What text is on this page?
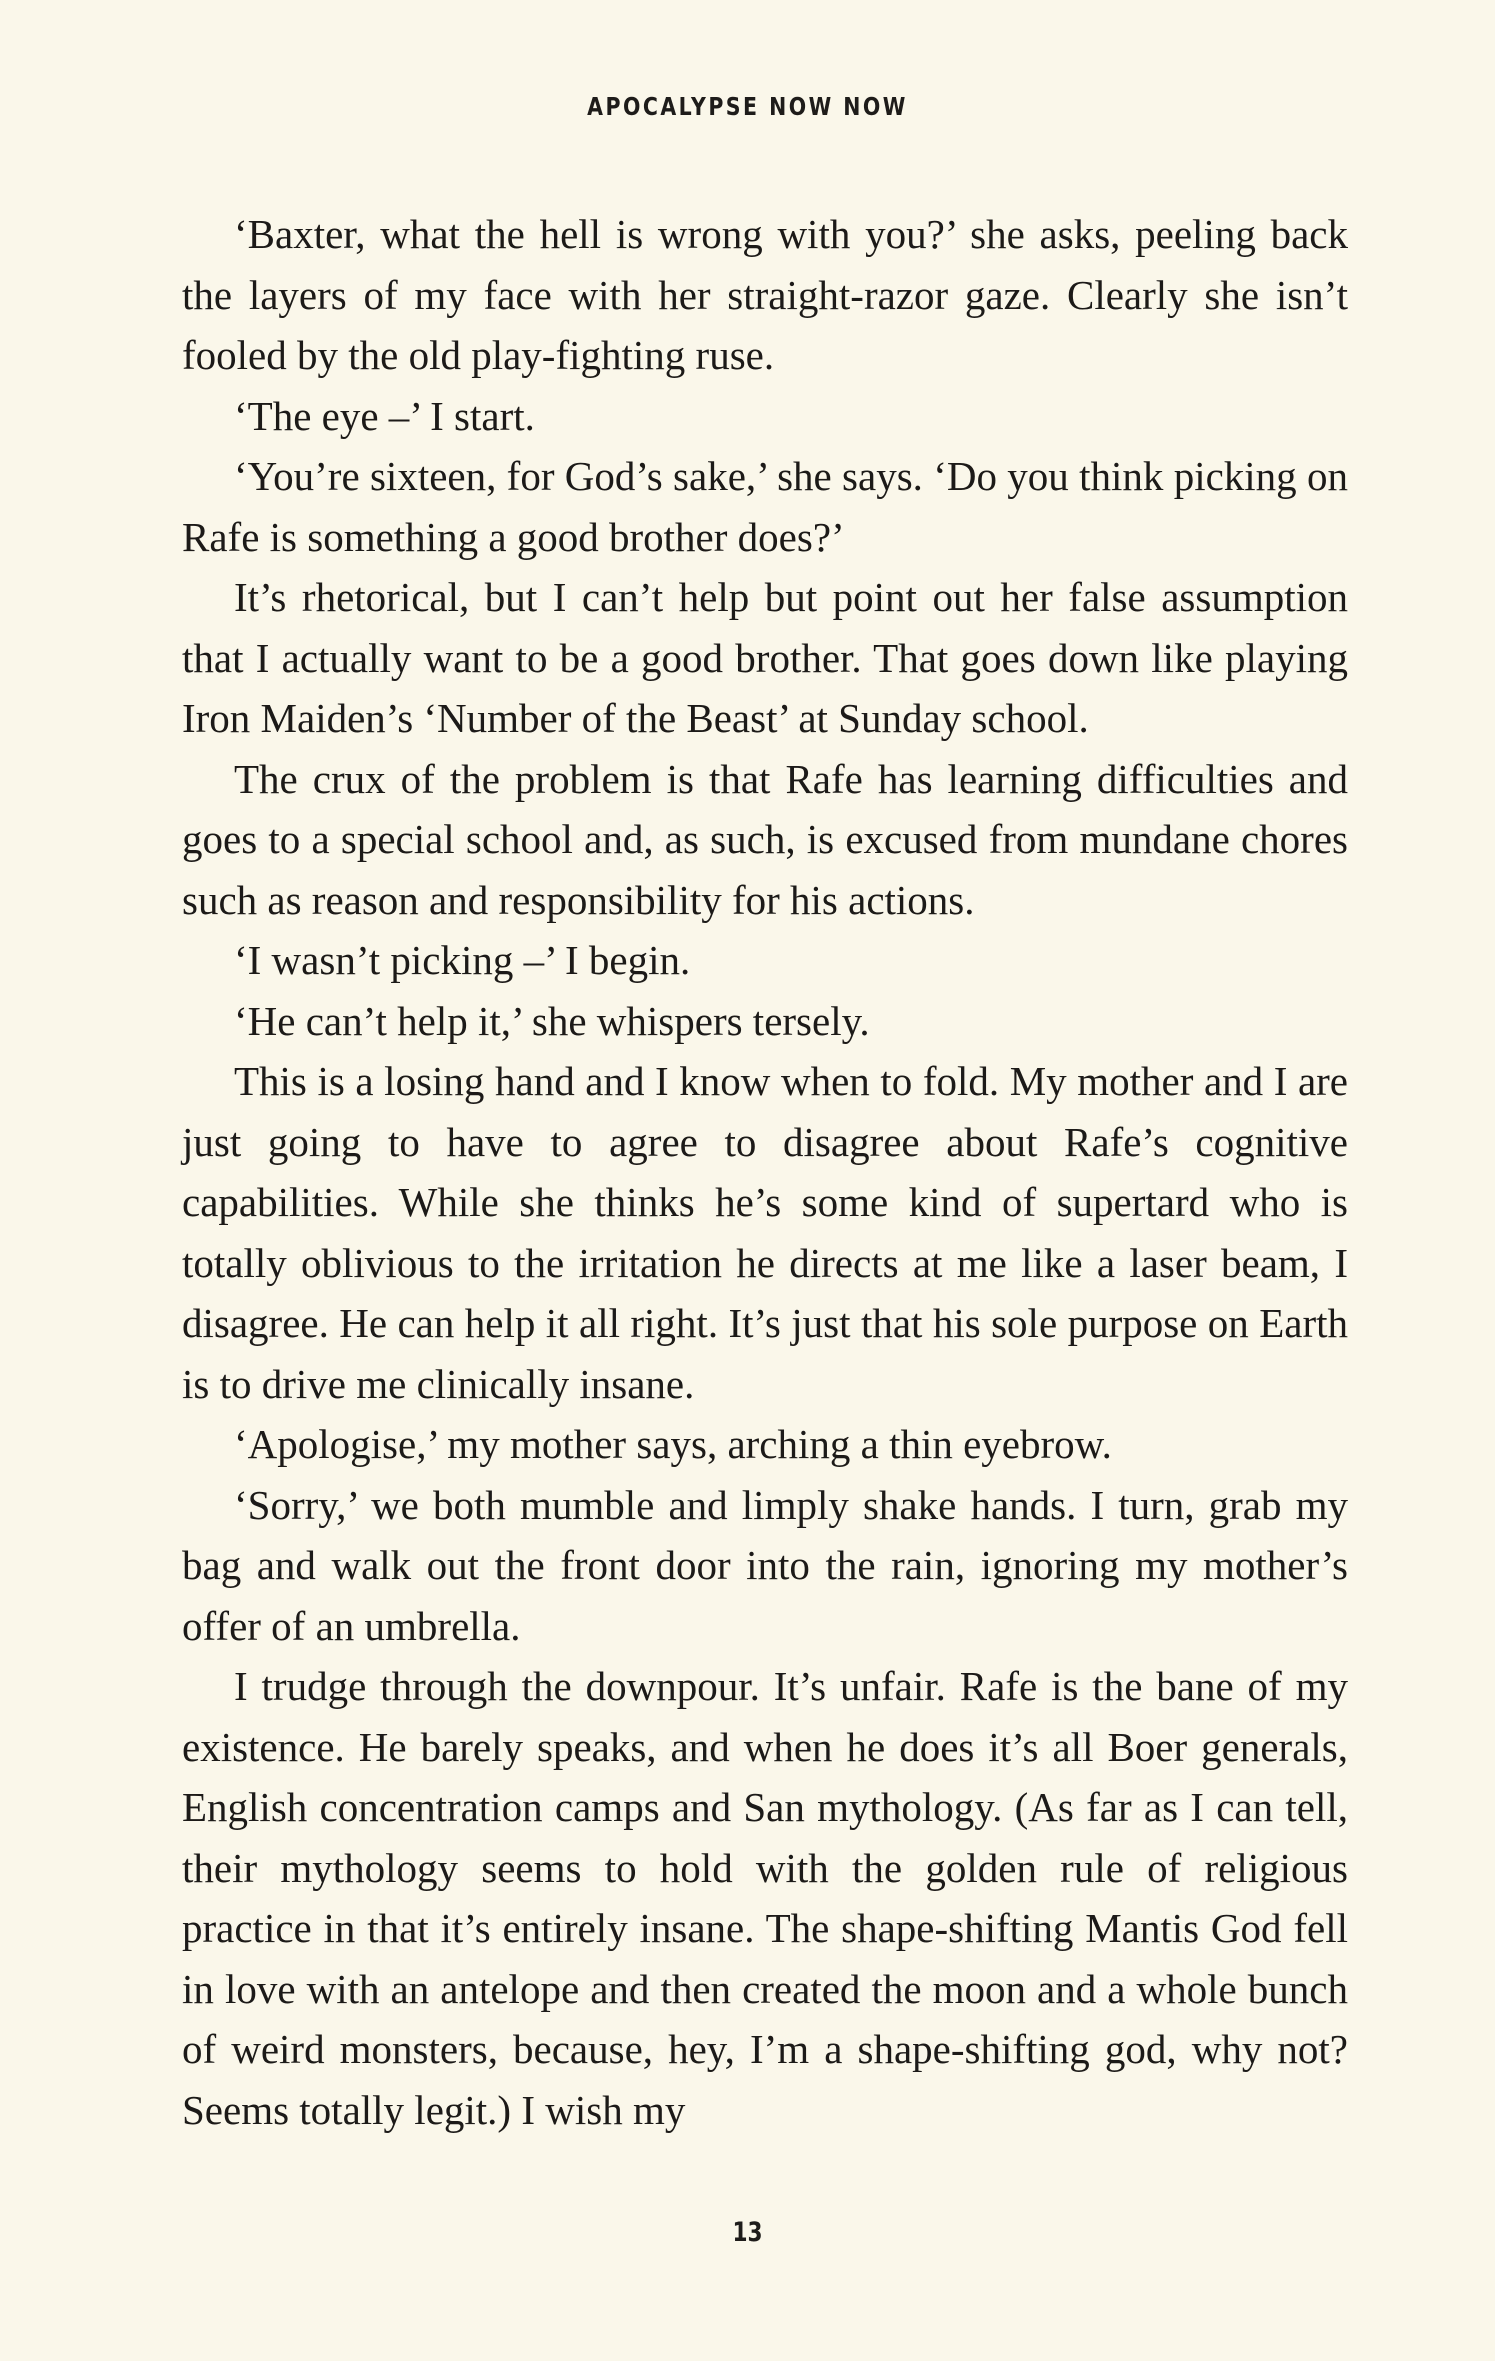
APOCALYPSE NOW NOW

‘Baxter, what the hell is wrong with you?’ she asks, peeling back the layers of my face with her straight-razor gaze. Clearly she isn’t fooled by the old play-fighting ruse.

‘The eye –’ I start.

‘You’re sixteen, for God’s sake,’ she says. ‘Do you think picking on Rafe is something a good brother does?’

It’s rhetorical, but I can’t help but point out her false assumption that I actually want to be a good brother. That goes down like playing Iron Maiden’s ‘Number of the Beast’ at Sunday school.

The crux of the problem is that Rafe has learning difficulties and goes to a special school and, as such, is excused from mundane chores such as reason and responsibility for his actions.

‘I wasn’t picking –’ I begin.

‘He can’t help it,’ she whispers tersely.

This is a losing hand and I know when to fold. My mother and I are just going to have to agree to disagree about Rafe’s cognitive capabilities. While she thinks he’s some kind of supertard who is totally oblivious to the irritation he directs at me like a laser beam, I disagree. He can help it all right. It’s just that his sole purpose on Earth is to drive me clinically insane.

‘Apologise,’ my mother says, arching a thin eyebrow.

‘Sorry,’ we both mumble and limply shake hands. I turn, grab my bag and walk out the front door into the rain, ignoring my mother’s offer of an umbrella.

I trudge through the downpour. It’s unfair. Rafe is the bane of my existence. He barely speaks, and when he does it’s all Boer generals, English concentration camps and San mythology. (As far as I can tell, their mythology seems to hold with the golden rule of religious practice in that it’s entirely insane. The shape-shifting Mantis God fell in love with an antelope and then created the moon and a whole bunch of weird monsters, because, hey, I’m a shape-shifting god, why not? Seems totally legit.) I wish my

13
